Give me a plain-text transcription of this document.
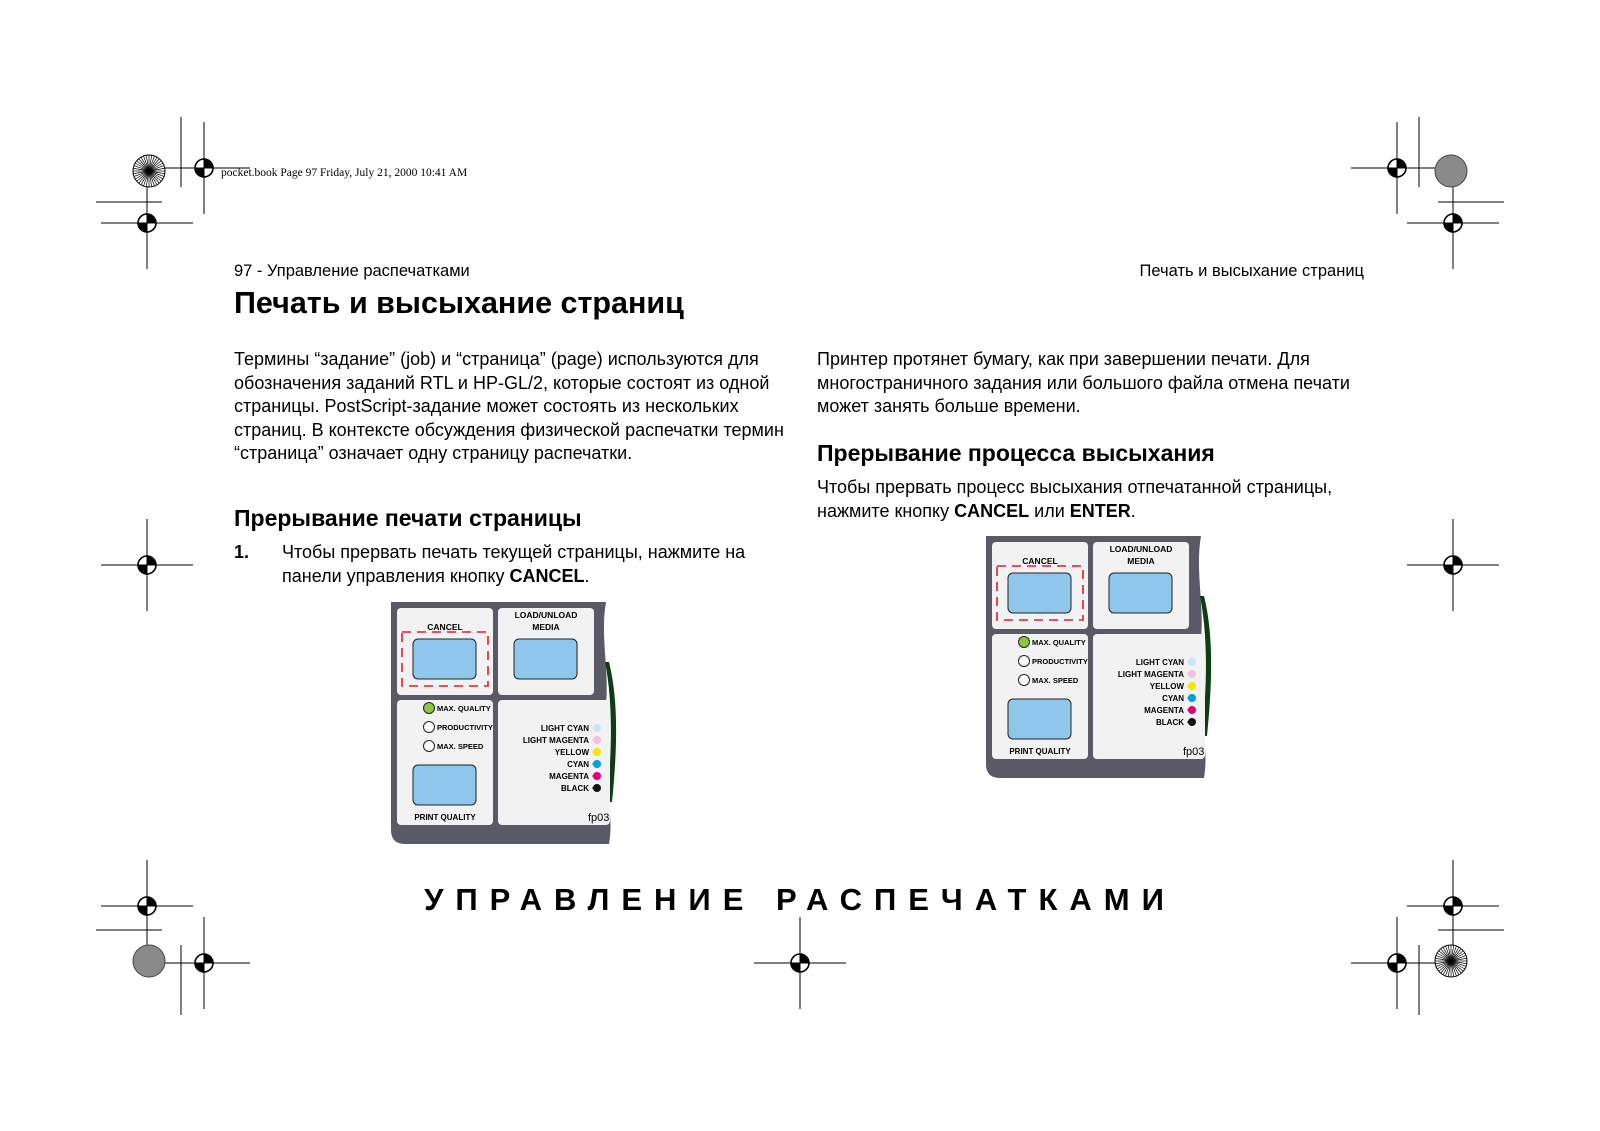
pocket.book Page 97 Friday, July 21, 2000 10:41 AM
97 - Управление распечатками	Печать и высыхание страниц
Печать и высыхание страниц

Термины “задание” (job) и “страница” (page) используются для обозначения заданий RTL и HP-GL/2, которые состоят из одной страницы. PostScript-задание может состоять из нескольких страниц. В контексте обсуждения физической распечатки термин “страница” означает одну страницу распечатки.

Прерывание печати страницы
1. Чтобы прервать печать текущей страницы, нажмите на панели управления кнопку CANCEL.

Принтер протянет бумагу, как при завершении печати. Для многостраничного задания или большого файла отмена печати может занять больше времени.

Прерывание процесса высыхания

Чтобы прервать процесс высыхания отпечатанной страницы, нажмите кнопку CANCEL или ENTER.

CANCEL
LOAD/UNLOAD
MEDIA
MAX. QUALITY
PRODUCTIVITY
MAX. SPEED
PRINT QUALITY
LIGHT CYAN
LIGHT MAGENTA
YELLOW
CYAN
MAGENTA
BLACK
fp03
CANCEL
LOAD/UNLOAD
MEDIA
MAX. QUALITY
PRODUCTIVITY
MAX. SPEED
PRINT QUALITY
LIGHT CYAN
LIGHT MAGENTA
YELLOW
CYAN
MAGENTA
BLACK
fp03
УПРАВЛЕНИЕ РАСПЕЧАТКАМИ
